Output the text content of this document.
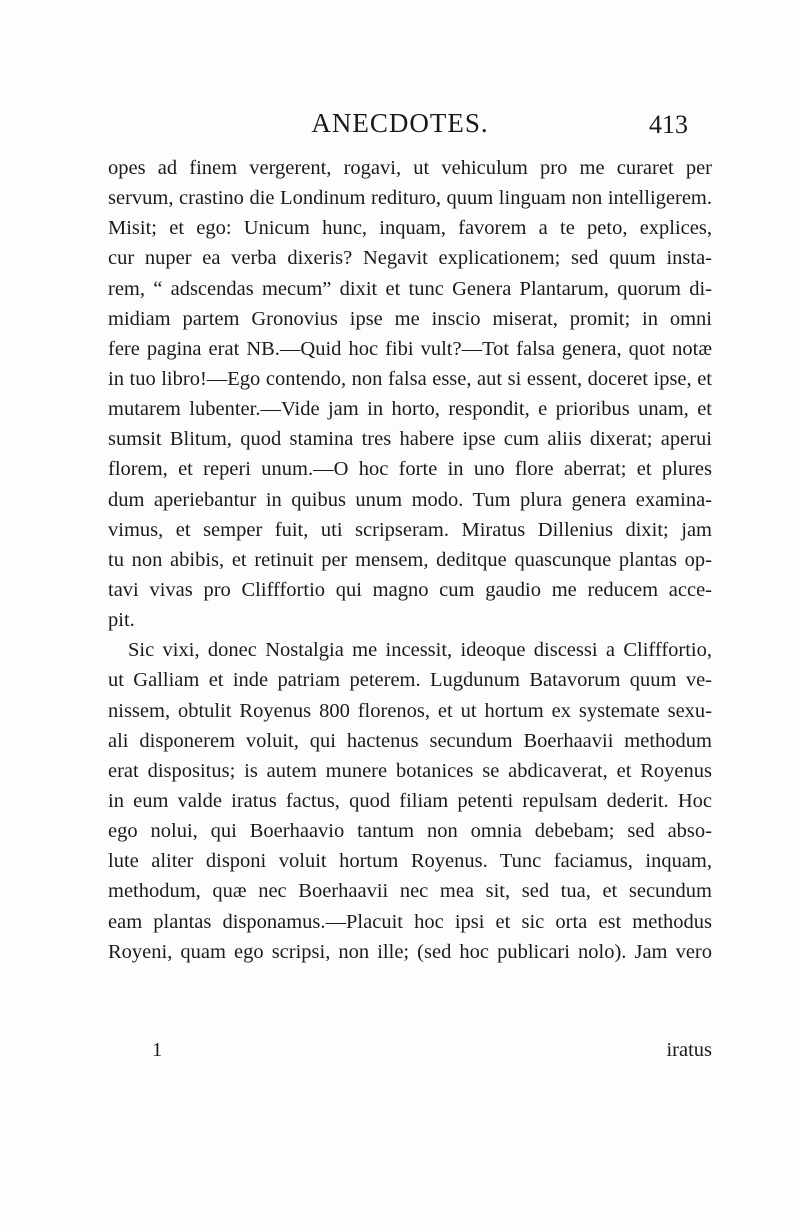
ANECDOTES.	413
opes ad finem vergerent, rogavi, ut vehiculum pro me curaret per
servum, crastino die Londinum redituro, quum linguam non intelligerem.
Misit; et ego: Unicum hunc, inquam, favorem a te peto, explices,
cur nuper ea verba dixeris? Negavit explicationem; sed quum insta-
rem, “ adscendas mecum” dixit et tunc Genera Plantarum, quorum di-
midiam partem Gronovius ipse me inscio miserat, promit; in omni
fere pagina erat NB.—Quid hoc fibi vult?—Tot falsa genera, quot notæ
in tuo libro!—Ego contendo, non falsa esse, aut si essent, doceret ipse, et
mutarem lubenter.—Vide jam in horto, respondit, e prioribus unam, et
sumsit Blitum, quod stamina tres habere ipse cum aliis dixerat; aperui
florem, et reperi unum.—O hoc forte in uno flore aberrat; et plures
dum aperiebantur in quibus unum modo. Tum plura genera examina-
vimus, et semper fuit, uti scripseram. Miratus Dillenius dixit; jam
tu non abibis, et retinuit per mensem, deditque quascunque plantas op-
tavi vivas pro Clifffortio qui magno cum gaudio me reducem acce-
pit.
Sic vixi, donec Nostalgia me incessit, ideoque discessi a Clifffortio,
ut Galliam et inde patriam peterem. Lugdunum Batavorum quum ve-
nissem, obtulit Royenus 800 florenos, et ut hortum ex systemate sexu-
ali disponerem voluit, qui hactenus secundum Boerhaavii methodum
erat dispositus; is autem munere botanices se abdicaverat, et Royenus
in eum valde iratus factus, quod filiam petenti repulsam dederit. Hoc
ego nolui, qui Boerhaavio tantum non omnia debebam; sed abso-
lute aliter disponi voluit hortum Royenus. Tunc faciamus, inquam,
methodum, quæ nec Boerhaavii nec mea sit, sed tua, et secundum
eam plantas disponamus.—Placuit hoc ipsi et sic orta est methodus
Royeni, quam ego scripsi, non ille; (sed hoc publicari nolo). Jam vero
1	iratus
